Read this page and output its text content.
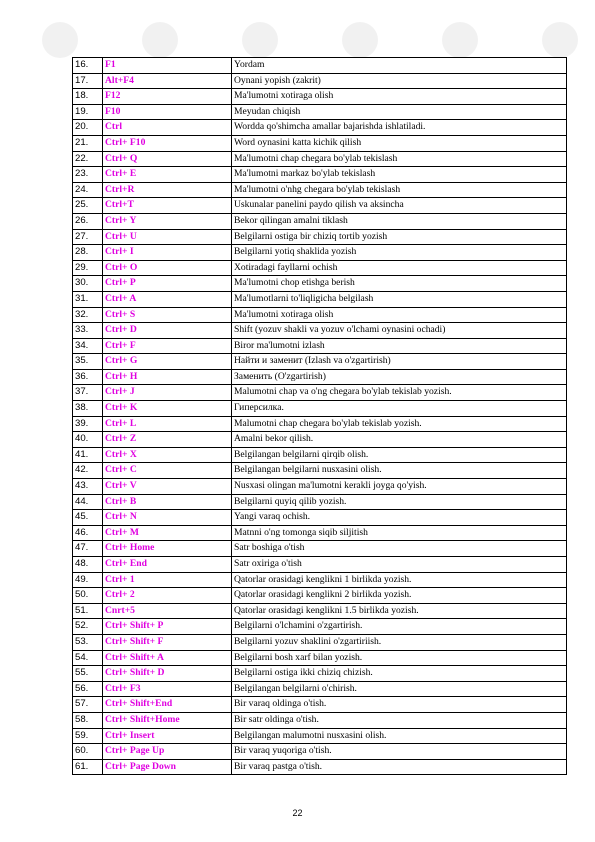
16.	F1	Yordam
17.	Alt+F4	Oynani yopish (zakrit)
18.	F12	Ma'lumotni xotiraga olish
19.	F10	Meyudan chiqish
20.	Ctrl	Wordda qo'shimcha amallar bajarishda ishlatiladi.
21.	Ctrl+ F10	Word oynasini katta kichik qilish
22.	Ctrl+ Q	Ma'lumotni chap chegara bo'ylab tekislash
23.	Ctrl+ E	Ma'lumotni markaz bo'ylab tekislash
24.	Ctrl+R	Ma'lumotni o'nhg chegara bo'ylab tekislash
25.	Ctrl+T	Uskunalar panelini paydo qilish va aksincha
26.	Ctrl+ Y	Bekor qilingan amalni tiklash
27.	Ctrl+ U	Belgilarni ostiga bir chiziq tortib yozish
28.	Ctrl+ I	Belgilarni yotiq shaklida yozish
29.	Ctrl+ O	Xotiradagi fayllarni ochish
30.	Ctrl+ P	Ma'lumotni chop etishga berish
31.	Ctrl+ A	Ma'lumotlarni to'liqligicha belgilash
32.	Ctrl+ S	Ma'lumotni xotiraga olish
33.	Ctrl+ D	Shift (yozuv shakli va yozuv o'lchami oynasini ochadi)
34.	Ctrl+ F	Biror ma'lumotni izlash
35.	Ctrl+ G	Найти и заменит (Izlash va o'zgartirish)
36.	Ctrl+ H	Заменить (O'zgartirish)
37.	Ctrl+ J	Malumotni chap va o'ng chegara bo'ylab tekislab yozish.
38.	Ctrl+ K	Гиперсилка.
39.	Ctrl+ L	Malumotni chap chegara bo'ylab tekislab yozish.
40.	Ctrl+ Z	Amalni bekor qilish.
41.	Ctrl+ X	Belgilangan belgilarni qirqib olish.
42.	Ctrl+ C	Belgilangan belgilarni nusxasini olish.
43.	Ctrl+ V	Nusxasi olingan ma'lumotni kerakli joyga qo'yish.
44.	Ctrl+ B	Belgilarni quyiq qilib yozish.
45.	Ctrl+ N	Yangi varaq ochish.
46.	Ctrl+ M	Matnni o'ng tomonga siqib siljitish
47.	Ctrl+ Home	Satr boshiga o'tish
48.	Ctrl+ End	Satr oxiriga o'tish
49.	Ctrl+ 1	Qatorlar orasidagi kenglikni 1 birlikda yozish.
50.	Ctrl+ 2	Qatorlar orasidagi kenglikni 2 birlikda yozish.
51.	Cnrt+5	Qatorlar orasidagi kenglikni 1.5 birlikda yozish.
52.	Ctrl+ Shift+ P	Belgilarni o'lchamini o'zgartirish.
53.	Ctrl+ Shift+ F	Belgilarni yozuv shaklini o'zgartiriish.
54.	Ctrl+ Shift+ A	Belgilarni bosh xarf bilan yozish.
55.	Ctrl+ Shift+ D	Belgilarni ostiga ikki chiziq chizish.
56.	Ctrl+ F3	Belgilangan belgilarni o'chirish.
57.	Ctrl+ Shift+End	Bir varaq oldinga o'tish.
58.	Ctrl+ Shift+Home	Bir satr oldinga o'tish.
59.	Ctrl+ Insert	Belgilangan malumotni nusxasini olish.
60.	Ctrl+ Page Up	Bir varaq yuqoriga o'tish.
61.	Ctrl+ Page Down	Bir varaq pastga o'tish.
22
